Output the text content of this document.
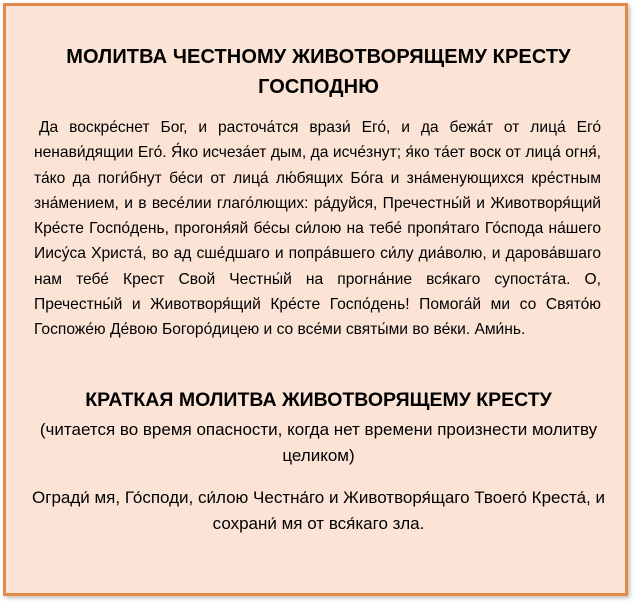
МОЛИТВА ЧЕСТНОМУ ЖИВОТВОРЯЩЕМУ КРЕСТУ ГОСПОДНЮ

Да воскре́снет Бог, и расточа́тся врази́ Его́, и да бежа́т от лица́ Его́ ненави́дящии Его́. Я́ко исчеза́ет дым, да исче́знут; я́ко та́ет воск от лица́ огня́, та́ко да поги́бнут бе́си от лица́ лю́бящих Бо́га и зна́менующихся кре́стным зна́мением, и в весе́лии глаго́лющих: ра́дуйся, Пречестны́й и Животворя́щий Кре́сте Госпо́день, прогоня́яй бе́сы си́лою на тебе́ пропя́таго Го́спода на́шего Иису́са Христа́, во ад сше́дшаго и попра́вшего си́лу диа́волю, и дарова́вшаго нам тебе́ Крест Свой Честны́й на прогна́ние вся́каго супоста́та. О, Пречестны́й и Животворя́щий Кре́сте Госпо́день! Помога́й ми со Свято́ю Госпоже́ю Де́вою Богоро́дицею и со все́ми святы́ми во ве́ки. Ами́нь.

КРАТКАЯ МОЛИТВА ЖИВОТВОРЯЩЕМУ КРЕСТУ
(читается во время опасности, когда нет времени произнести молитву целиком)
Огради́ мя, Го́споди, си́лою Честна́го и Животворя́щаго Твоего́ Креста́, и сохрани́ мя от вся́каго зла.
